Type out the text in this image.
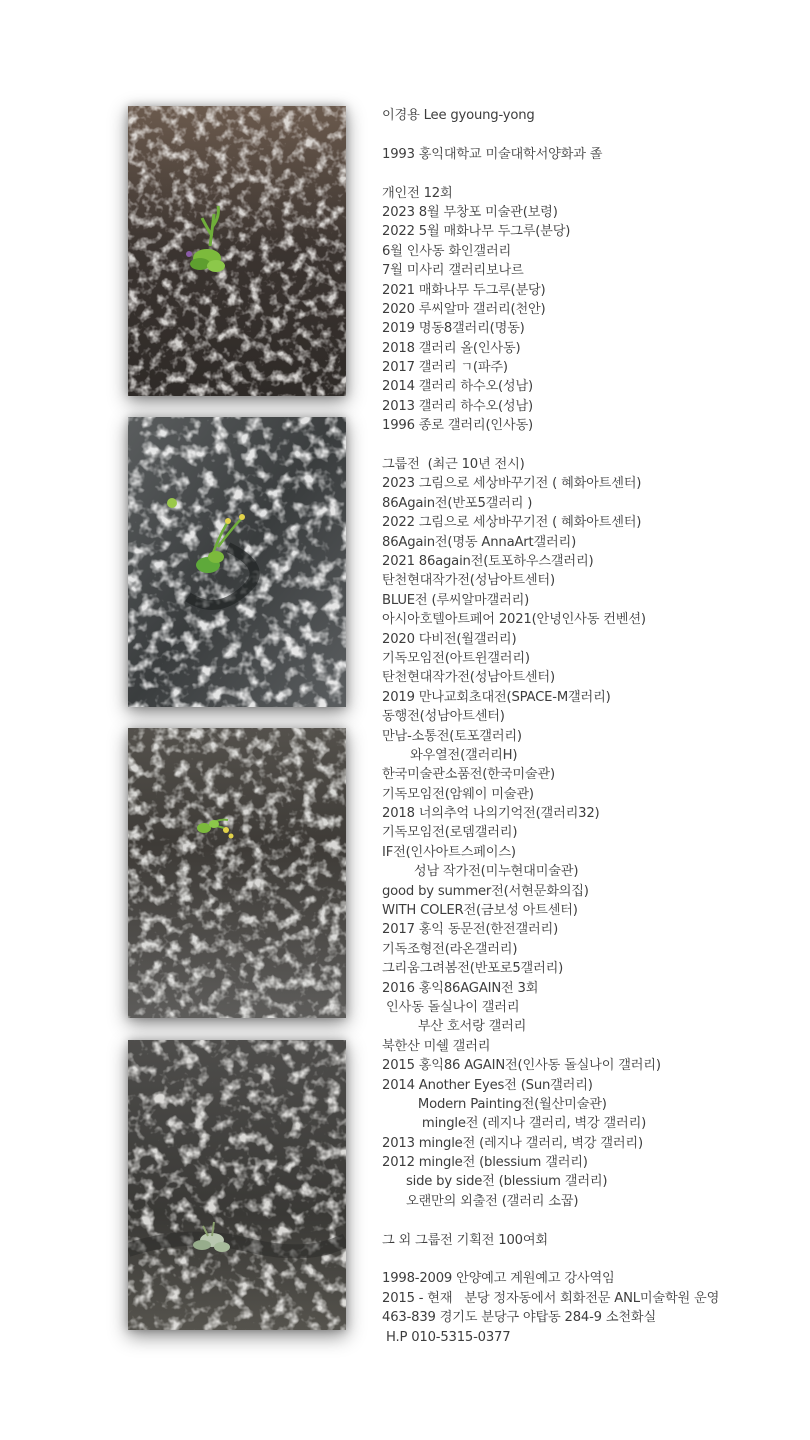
이경용 Lee gyoung-yong
1993 홍익대학교 미술대학서양화과 졸
개인전 12회
2023 8월 무창포 미술관(보령)
2022 5월 매화나무 두그루(분당)
6월 인사동 화인갤러리
7월 미사리 갤러리보나르
2021 매화나무 두그루(분당)
2020 루씨알마 갤러리(천안)
2019 명동8갤러리(명동)
2018 갤러리 올(인사동)
2017 갤러리 ㄱ(파주)
2014 갤러리 하수오(성남)
2013 갤러리 하수오(성남)
1996 종로 갤러리(인사동)
그룹전  (최근 10년 전시)
2023 그림으로 세상바꾸기전 ( 혜화아트센터)
86Again전(반포5갤러리 )
2022 그림으로 세상바꾸기전 ( 혜화아트센터)
86Again전(명동 AnnaArt갤러리)
2021 86again전(토포하우스갤러리)
탄천현대작가전(성남아트센터)
BLUE전 (루씨알마갤러리)
아시아호텔아트페어 2021(안녕인사동 컨벤션)
2020 다비전(월갤러리)
기독모임전(아트윈갤러리)
탄천현대작가전(성남아트센터)
2019 만나교회초대전(SPACE-M갤러리)
동행전(성남아트센터)
만남-소통전(토포갤러리)
와우열전(갤러리H)
한국미술관소품전(한국미술관)
기독모임전(암웨이 미술관)
2018 너의추억 나의기억전(갤러리32)
기독모임전(로뎀갤러리)
IF전(인사아트스페이스)
성남 작가전(미누현대미술관)
good by summer전(서현문화의집)
WITH COLER전(금보성 아트센터)
2017 홍익 동문전(한전갤러리)
기독조형전(라온갤러리)
그리움그려봄전(반포로5갤러리)
2016 홍익86AGAIN전 3회
인사동 돌실나이 갤러리
부산 호서랑 갤러리
북한산 미쉘 갤러리
2015 홍익86 AGAIN전(인사동 돌실나이 갤러리)
2014 Another Eyes전 (Sun갤러리)
Modern Painting전(월산미술관)
mingle전 (레지나 갤러리, 벽강 갤러리)
2013 mingle전 (레지나 갤러리, 벽강 갤러리)
2012 mingle전 (blessium 갤러리)
side by side전 (blessium 갤러리)
오랜만의 외출전 (갤러리 소꿉)
그 외 그룹전 기획전 100여회
1998-2009 안양예고 계원예고 강사역임
2015 - 현재   분당 정자동에서 회화전문 ANL미술학원 운영
463-839 경기도 분당구 야탑동 284-9 소천화실
H.P 010-5315-0377
